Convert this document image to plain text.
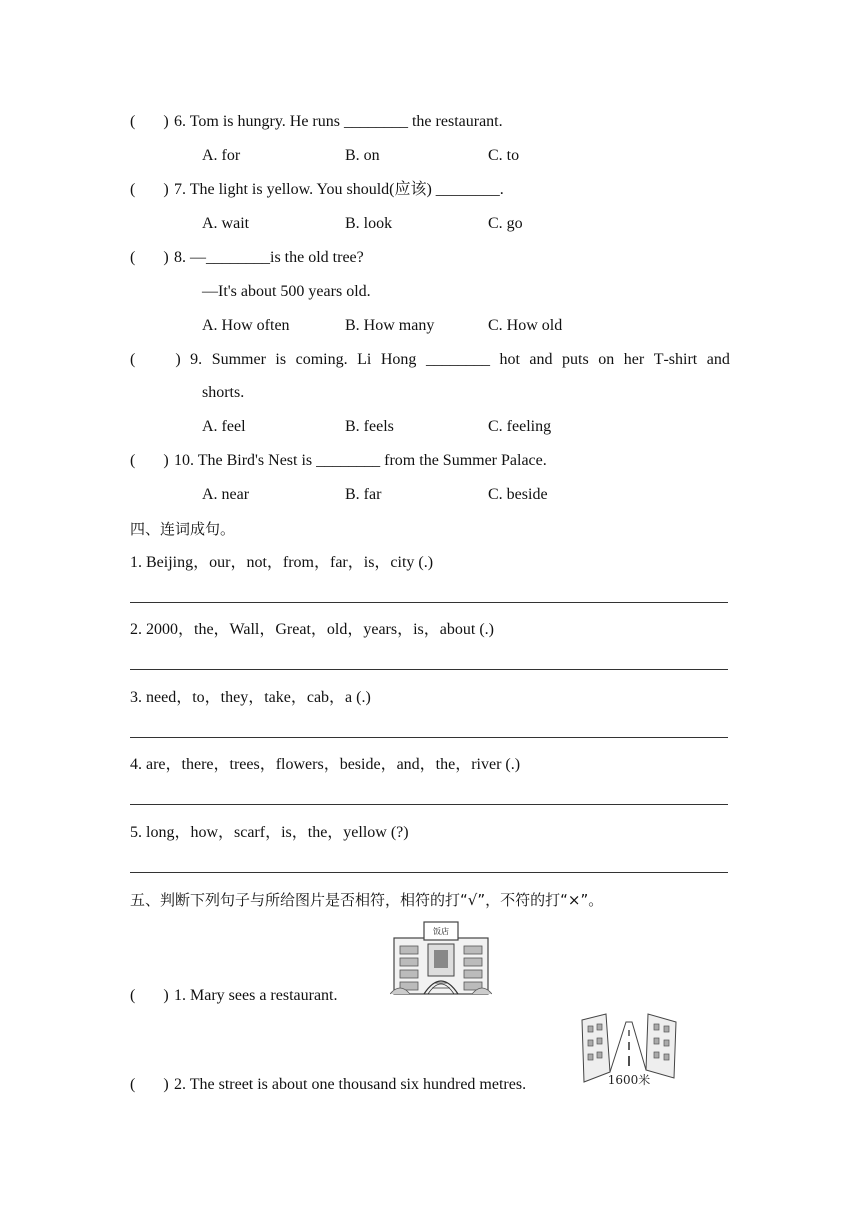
( ) 6. Tom is hungry. He runs ________ the restaurant.
A. for	B. on	C. to
( ) 7. The light is yellow. You should(应该) ________.
A. wait	B. look	C. go
( ) 8. —________is the old tree?
—It's about 500 years old.
A. How often	B. How many	C. How old
(	) 9. Summer is coming. Li Hong ________ hot and puts on her T‑shirt and
shorts.
A. feel	B. feels	C. feeling
( ) 10. The Bird's Nest is ________ from the Summer Palace.
A. near	B. far	C. beside
四、连词成句。
1. Beijing，our，not，from，far，is，city (.)
2. 2000，the，Wall，Great，old，years，is，about (.)
3. need，to，they，take，cab，a (.)
4. are，there，trees，flowers，beside，and，the，river (.)
5. long，how，scarf，is，the，yellow (?)
五、判断下列句子与所给图片是否相符，相符的打“√”，不符的打“×”。
饭店
( ) 1. Mary sees a restaurant.
1600米
( ) 2. The street is about one thousand six hundred metres.
